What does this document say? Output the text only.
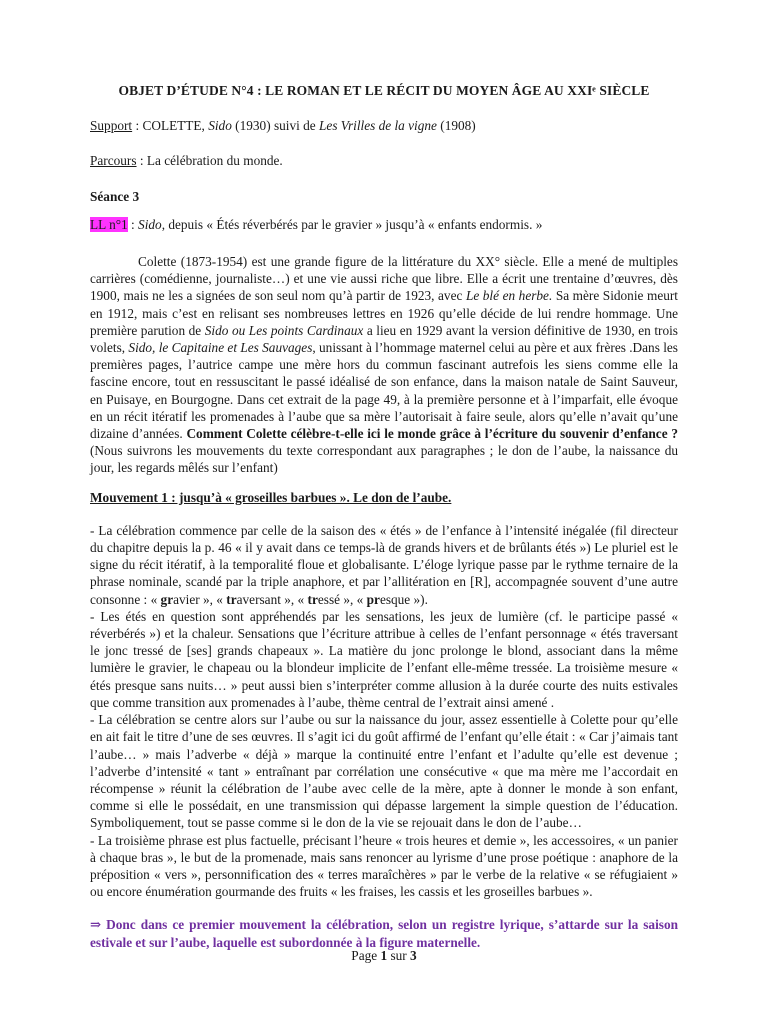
OBJET D’ÉTUDE N°4 : LE ROMAN ET LE RÉCIT DU MOYEN ÂGE AU XXIᵉ SIÈCLE

Support : COLETTE, Sido (1930) suivi de Les Vrilles de la vigne (1908)

Parcours : La célébration du monde.

Séance 3

LL n°1 : Sido, depuis « Étés réverbérés par le gravier » jusqu’à « enfants endormis. »

Colette (1873-1954) est une grande figure de la littérature du XX° siècle. Elle a mené de multiples carrières (comédienne, journaliste…) et une vie aussi riche que libre. Elle a écrit une trentaine d’œuvres, dès 1900, mais ne les a signées de son seul nom qu’à partir de 1923, avec Le blé en herbe. Sa mère Sidonie meurt en 1912, mais c’est en relisant ses nombreuses lettres en 1926 qu’elle décide de lui rendre hommage. Une première parution de Sido ou Les points Cardinaux a lieu en 1929 avant la version définitive de 1930, en trois volets, Sido, le Capitaine et Les Sauvages, unissant à l’hommage maternel celui au père et aux frères .Dans les premières pages, l’autrice campe une mère hors du commun fascinant autrefois les siens comme elle la fascine encore, tout en ressuscitant le passé idéalisé de son enfance, dans la maison natale de Saint Sauveur, en Puisaye, en Bourgogne. Dans cet extrait de la page 49, à la première personne et à l’imparfait, elle évoque en un récit itératif les promenades à l’aube que sa mère l’autorisait à faire seule, alors qu’elle n’avait qu’une dizaine d’années. Comment Colette célèbre-t-elle ici le monde grâce à l’écriture du souvenir d’enfance ? (Nous suivrons les mouvements du texte correspondant aux paragraphes ; le don de l’aube, la naissance du jour, les regards mêlés sur l’enfant)

Mouvement 1 : jusqu’à « groseilles barbues ». Le don de l’aube.

- La célébration commence par celle de la saison des « étés » de l’enfance à l’intensité inégalée (fil directeur du chapitre depuis la p. 46 « il y avait dans ce temps-là de grands hivers et de brûlants étés ») Le pluriel est le signe du récit itératif, à la temporalité floue et globalisante. L’éloge lyrique passe par le rythme ternaire de la phrase nominale, scandé par la triple anaphore, et par l’allitération en [R], accompagnée souvent d’une autre consonne : « gravier », « traversant », « tressé », « presque »).

- Les étés en question sont appréhendés par les sensations, les jeux de lumière (cf. le participe passé « réverbérés ») et la chaleur. Sensations que l’écriture attribue à celles de l’enfant personnage « étés traversant le jonc tressé de [ses] grands chapeaux ». La matière du jonc prolonge le blond, associant dans la même lumière le gravier, le chapeau ou la blondeur implicite de l’enfant elle-même tressée. La troisième mesure « étés presque sans nuits… » peut aussi bien s’interpréter comme allusion à la durée courte des nuits estivales que comme transition aux promenades à l’aube, thème central de l’extrait ainsi amené .

- La célébration se centre alors sur l’aube ou sur la naissance du jour, assez essentielle à Colette pour qu’elle en ait fait le titre d’une de ses œuvres. Il s’agit ici du goût affirmé de l’enfant qu’elle était : « Car j’aimais tant l’aube… » mais l’adverbe « déjà » marque la continuité entre l’enfant et l’adulte qu’elle est devenue ; l’adverbe d’intensité « tant » entraînant par corrélation une consécutive « que ma mère me l’accordait en récompense » réunit la célébration de l’aube avec celle de la mère, apte à donner le monde à son enfant, comme si elle le possédait, en une transmission qui dépasse largement la simple question de l’éducation. Symboliquement, tout se passe comme si le don de la vie se rejouait dans le don de l’aube…

- La troisième phrase est plus factuelle, précisant l’heure « trois heures et demie », les accessoires, « un panier à chaque bras », le but de la promenade, mais sans renoncer au lyrisme d’une prose poétique : anaphore de la préposition « vers », personnification des « terres maraîchères » par le verbe de la relative « se réfugiaient » ou encore énumération gourmande des fruits « les fraises, les cassis et les groseilles barbues ».

⇒ Donc dans ce premier mouvement la célébration, selon un registre lyrique, s’attarde sur la saison estivale et sur l’aube, laquelle est subordonnée à la figure maternelle.

Page 1 sur 3
